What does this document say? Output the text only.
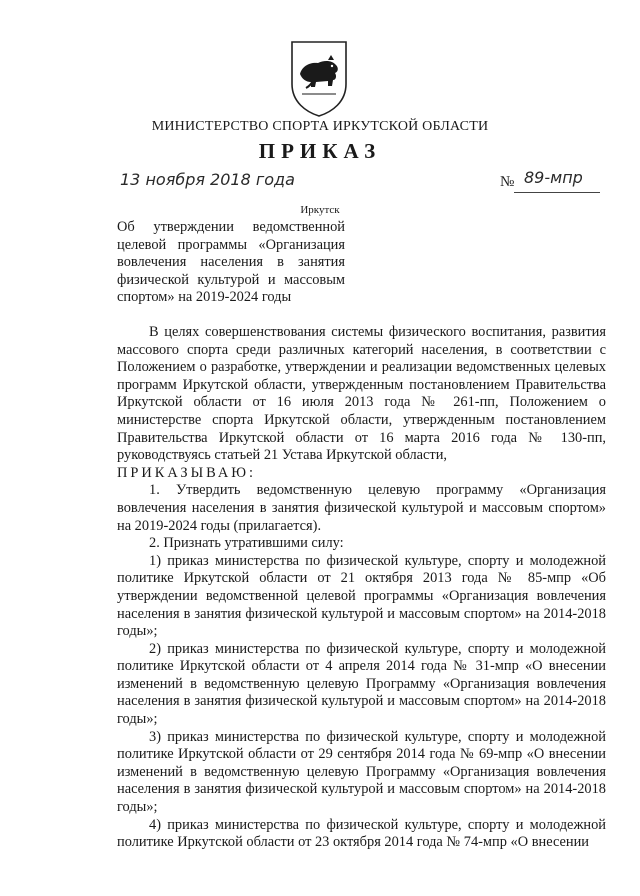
МИНИСТЕРСТВО СПОРТА ИРКУТСКОЙ ОБЛАСТИ
ПРИКАЗ
13 ноября 2018 года	№ 89-мпр
Иркутск
Об утверждении ведомственной целевой программы «Организация вовлечения населения в занятия физической культурой и массовым спортом» на 2019-2024 годы

В целях совершенствования системы физического воспитания, развития массового спорта среди различных категорий населения, в соответствии с Положением о разработке, утверждении и реализации ведомственных целевых программ Иркутской области, утвержденным постановлением Правительства Иркутской области от 16 июля 2013 года № 261-пп, Положением о министерстве спорта Иркутской области, утвержденным постановлением Правительства Иркутской области от 16 марта 2016 года № 130-пп, руководствуясь статьей 21 Устава Иркутской области,

ПРИКАЗЫВАЮ:

1. Утвердить ведомственную целевую программу «Организация вовлечения населения в занятия физической культурой и массовым спортом» на 2019-2024 годы (прилагается).

2. Признать утратившими силу:

1) приказ министерства по физической культуре, спорту и молодежной политике Иркутской области от 21 октября 2013 года № 85-мпр «Об утверждении ведомственной целевой программы «Организация вовлечения населения в занятия физической культурой и массовым спортом» на 2014-2018 годы»;

2) приказ министерства по физической культуре, спорту и молодежной политике Иркутской области от 4 апреля 2014 года № 31-мпр «О внесении изменений в ведомственную целевую Программу «Организация вовлечения населения в занятия физической культурой и массовым спортом» на 2014-2018 годы»;

3) приказ министерства по физической культуре, спорту и молодежной политике Иркутской области от 29 сентября 2014 года № 69-мпр «О внесении изменений в ведомственную целевую Программу «Организация вовлечения населения в занятия физической культурой и массовым спортом» на 2014-2018 годы»;

4) приказ министерства по физической культуре, спорту и молодежной политике Иркутской области от 23 октября 2014 года № 74-мпр «О внесении
